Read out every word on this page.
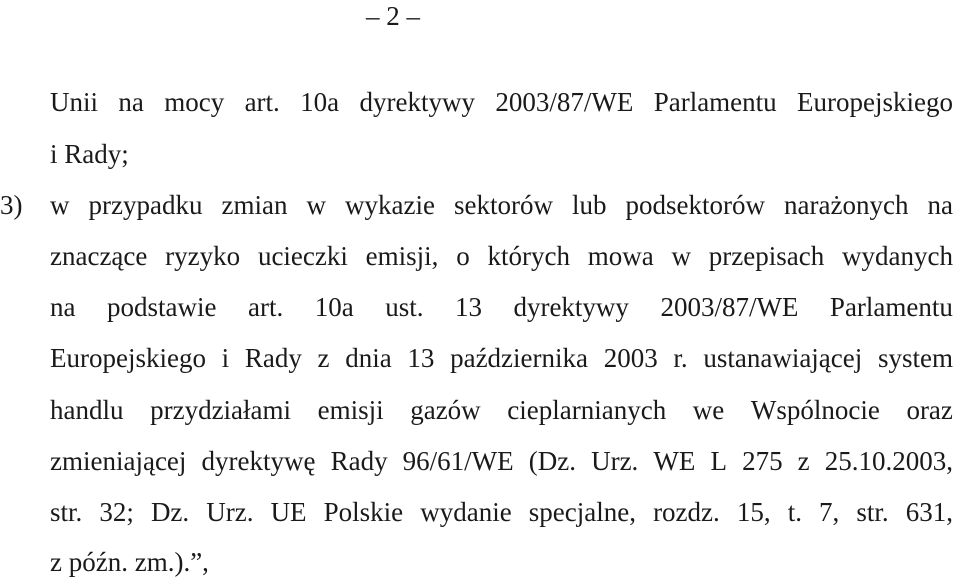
– 2 –
Unii na mocy art. 10a dyrektywy 2003/87/WE Parlamentu Europejskiego
i Rady;
3) w przypadku zmian w wykazie sektorów lub podsektorów narażonych na
znaczące ryzyko ucieczki emisji, o których mowa w przepisach wydanych
na podstawie art. 10a ust. 13 dyrektywy 2003/87/WE Parlamentu
Europejskiego i Rady z dnia 13 października 2003 r. ustanawiającej system
handlu przydziałami emisji gazów cieplarnianych we Wspólnocie oraz
zmieniającej dyrektywę Rady 96/61/WE (Dz. Urz. WE L 275 z 25.10.2003,
str. 32; Dz. Urz. UE Polskie wydanie specjalne, rozdz. 15, t. 7, str. 631,
z późn. zm.).”,
